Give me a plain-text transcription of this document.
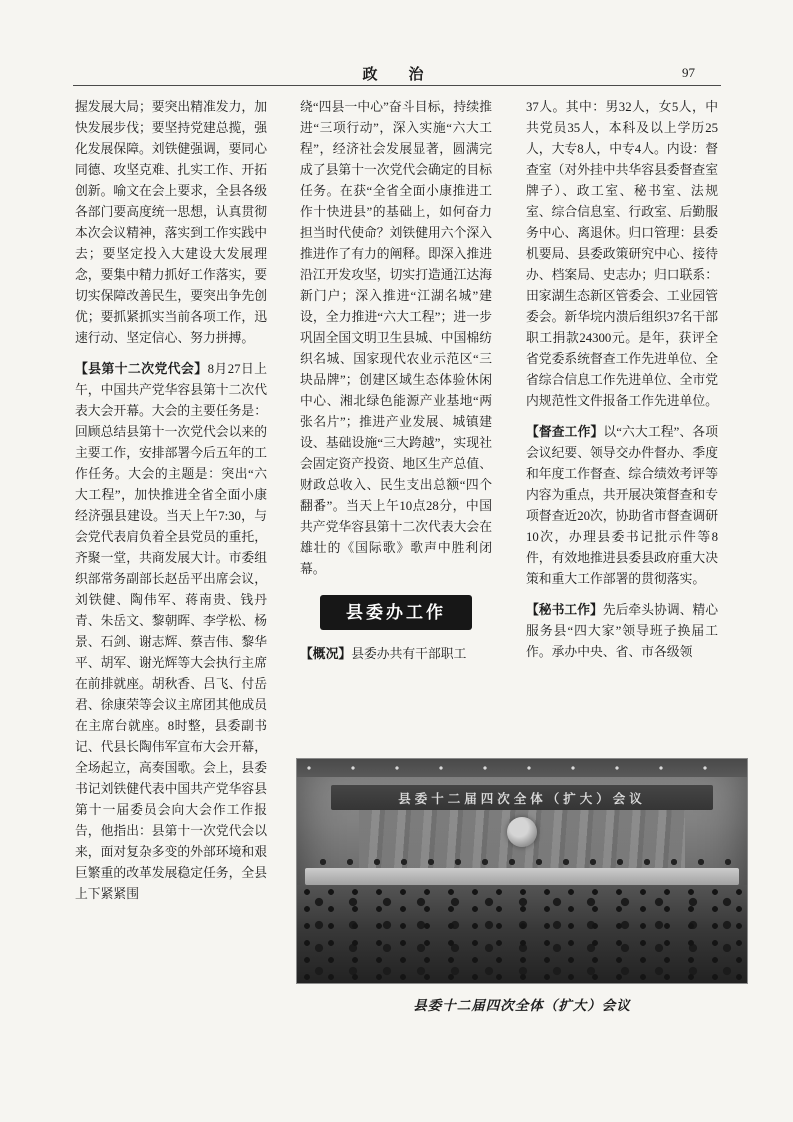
政　治	97

握发展大局；要突出精准发力，加快发展步伐；要坚持党建总揽，强化发展保障。刘铁健强调，要同心同德、攻坚克难、扎实工作、开拓创新。喻文在会上要求，全县各级各部门要高度统一思想，认真贯彻本次会议精神，落实到工作实践中去；要坚定投入大建设大发展理念，要集中精力抓好工作落实，要切实保障改善民生，要突出争先创优；要抓紧抓实当前各项工作，迅速行动、坚定信心、努力拼搏。

【县第十二次党代会】8月27日上午，中国共产党华容县第十二次代表大会开幕。大会的主要任务是：回顾总结县第十一次党代会以来的主要工作，安排部署今后五年的工作任务。大会的主题是：突出“六大工程”，加快推进全省全面小康经济强县建设。当天上午7:30，与会党代表肩负着全县党员的重托，齐聚一堂，共商发展大计。市委组织部常务副部长赵岳平出席会议，刘铁健、陶伟军、蒋南贵、钱丹青、朱岳文、黎朝晖、李学松、杨景、石剑、谢志辉、蔡吉伟、黎华平、胡军、谢光辉等大会执行主席在前排就座。胡秋香、吕飞、付岳君、徐康荣等会议主席团其他成员在主席台就座。8时整，县委副书记、代县长陶伟军宣布大会开幕，全场起立，高奏国歌。会上，县委书记刘铁健代表中国共产党华容县第十一届委员会向大会作工作报告，他指出：县第十一次党代会以来，面对复杂多变的外部环境和艰巨繁重的改革发展稳定任务，全县上下紧紧围

绕“四县一中心”奋斗目标，持续推进“三项行动”，深入实施“六大工程”，经济社会发展显著，圆满完成了县第十一次党代会确定的目标任务。在获“全省全面小康推进工作十快进县”的基础上，如何奋力担当时代使命？刘铁健用六个深入推进作了有力的阐释。即深入推进沿江开发攻坚，切实打造通江达海新门户；深入推进“江湖名城”建设，全力推进“六大工程”；进一步巩固全国文明卫生县城、中国棉纺织名城、国家现代农业示范区“三块品牌”；创建区域生态体验休闲中心、湘北绿色能源产业基地“两张名片”；推进产业发展、城镇建设、基础设施“三大跨越”，实现社会固定资产投资、地区生产总值、财政总收入、民生支出总额“四个翻番”。当天上午10点28分，中国共产党华容县第十二次代表大会在雄壮的《国际歌》歌声中胜利闭幕。

县委办工作

【概况】县委办共有干部职工

37人。其中：男32人，女5人，中共党员35人，本科及以上学历25人，大专8人，中专4人。内设：督查室（对外挂中共华容县委督查室牌子）、政工室、秘书室、法规室、综合信息室、行政室、后勤服务中心、离退休。归口管理：县委机要局、县委政策研究中心、接待办、档案局、史志办；归口联系：田家湖生态新区管委会、工业园管委会。新华垸内溃后组织37名干部职工捐款24300元。是年，获评全省党委系统督查工作先进单位、全省综合信息工作先进单位、全市党内规范性文件报备工作先进单位。

【督查工作】以“六大工程”、各项会议纪要、领导交办件督办、季度和年度工作督查、综合绩效考评等内容为重点，共开展决策督查和专项督查近20次，协助省市督查调研10次，办理县委书记批示件等8件，有效地推进县委县政府重大决策和重大工作部署的贯彻落实。

【秘书工作】先后牵头协调、精心服务县“四大家”领导班子换届工作。承办中央、省、市各级领

县委十二届四次全体（扩大）会议
县委十二届四次全体（扩大）会议
